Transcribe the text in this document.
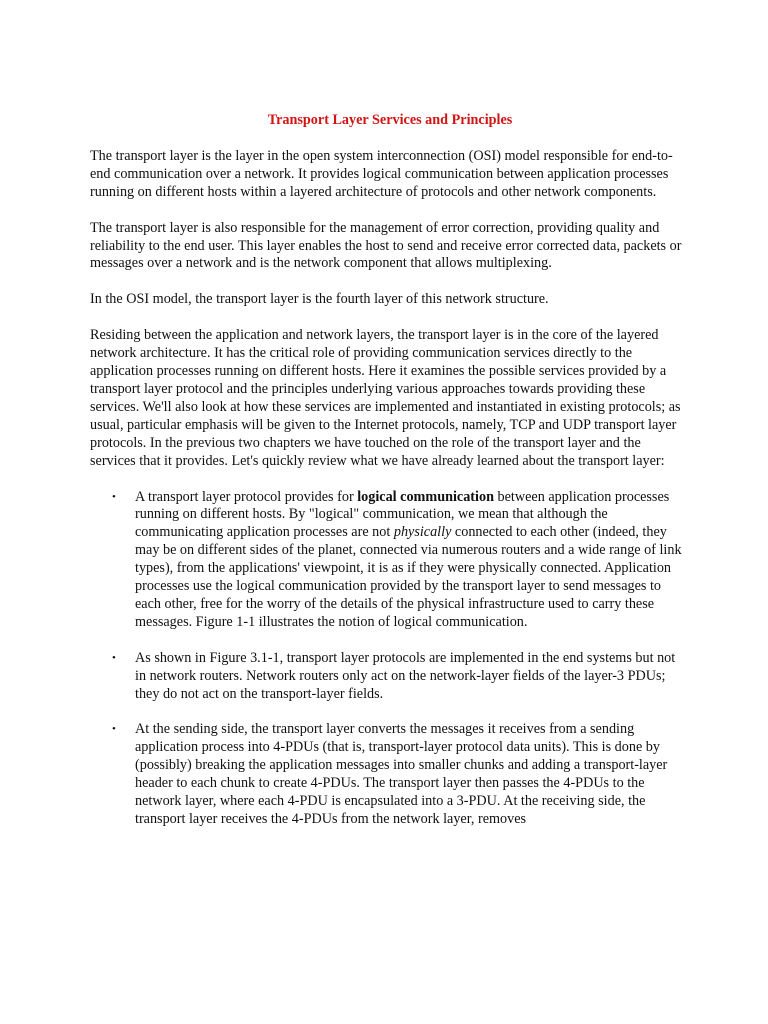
Transport Layer Services and Principles

The transport layer is the layer in the open system interconnection (OSI) model responsible for end-to-end communication over a network. It provides logical communication between application processes running on different hosts within a layered architecture of protocols and other network components.

The transport layer is also responsible for the management of error correction, providing quality and reliability to the end user. This layer enables the host to send and receive error corrected data, packets or messages over a network and is the network component that allows multiplexing.

In the OSI model, the transport layer is the fourth layer of this network structure.

Residing between the application and network layers, the transport layer is in the core of the layered network architecture. It has the critical role of providing communication services directly to the application processes running on different hosts. Here it examines the possible services provided by a transport layer protocol and the principles underlying various approaches towards providing these services. We'll also look at how these services are implemented and instantiated in existing protocols; as usual, particular emphasis will be given to the Internet protocols, namely, TCP and UDP transport layer protocols. In the previous two chapters we have touched on the role of the transport layer and the services that it provides. Let's quickly review what we have already learned about the transport layer:

• A transport layer protocol provides for logical communication between application processes running on different hosts. By "logical" communication, we mean that although the communicating application processes are not physically connected to each other (indeed, they may be on different sides of the planet, connected via numerous routers and a wide range of link types), from the applications' viewpoint, it is as if they were physically connected. Application processes use the logical communication provided by the transport layer to send messages to each other, free for the worry of the details of the physical infrastructure used to carry these messages. Figure 1-1 illustrates the notion of logical communication.
• As shown in Figure 3.1-1, transport layer protocols are implemented in the end systems but not in network routers. Network routers only act on the network-layer fields of the layer-3 PDUs; they do not act on the transport-layer fields.
• At the sending side, the transport layer converts the messages it receives from a sending application process into 4-PDUs (that is, transport-layer protocol data units). This is done by (possibly) breaking the application messages into smaller chunks and adding a transport-layer header to each chunk to create 4-PDUs. The transport layer then passes the 4-PDUs to the network layer, where each 4-PDU is encapsulated into a 3-PDU. At the receiving side, the transport layer receives the 4-PDUs from the network layer, removes
